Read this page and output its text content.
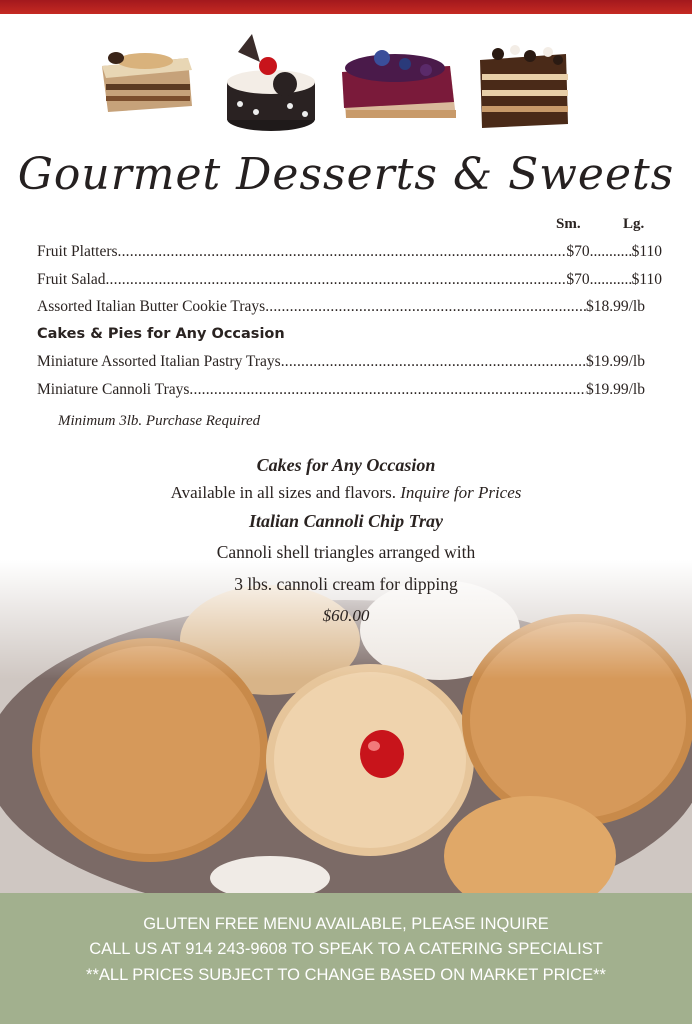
Gourmet Desserts & Sweets
Sm.	Lg.
Fruit Platters .....	$70 .....	$110
Fruit Salad .....	$70 .....	$110
Assorted Italian Butter Cookie Trays .....	$18.99/lb
Cakes & Pies for Any Occasion
Miniature Assorted Italian Pastry Trays .....	$19.99/lb
Miniature Cannoli Trays .....	$19.99/lb
Minimum 3lb. Purchase Required
Cakes for Any Occasion
Available in all sizes and flavors. Inquire for Prices
Italian Cannoli Chip Tray
Cannoli shell triangles arranged with
3 lbs. cannoli cream for dipping
$60.00
GLUTEN FREE MENU AVAILABLE, PLEASE INQUIRE
CALL US AT 914 243-9608 TO SPEAK TO A CATERING SPECIALIST
**ALL PRICES SUBJECT TO CHANGE BASED ON MARKET PRICE**
